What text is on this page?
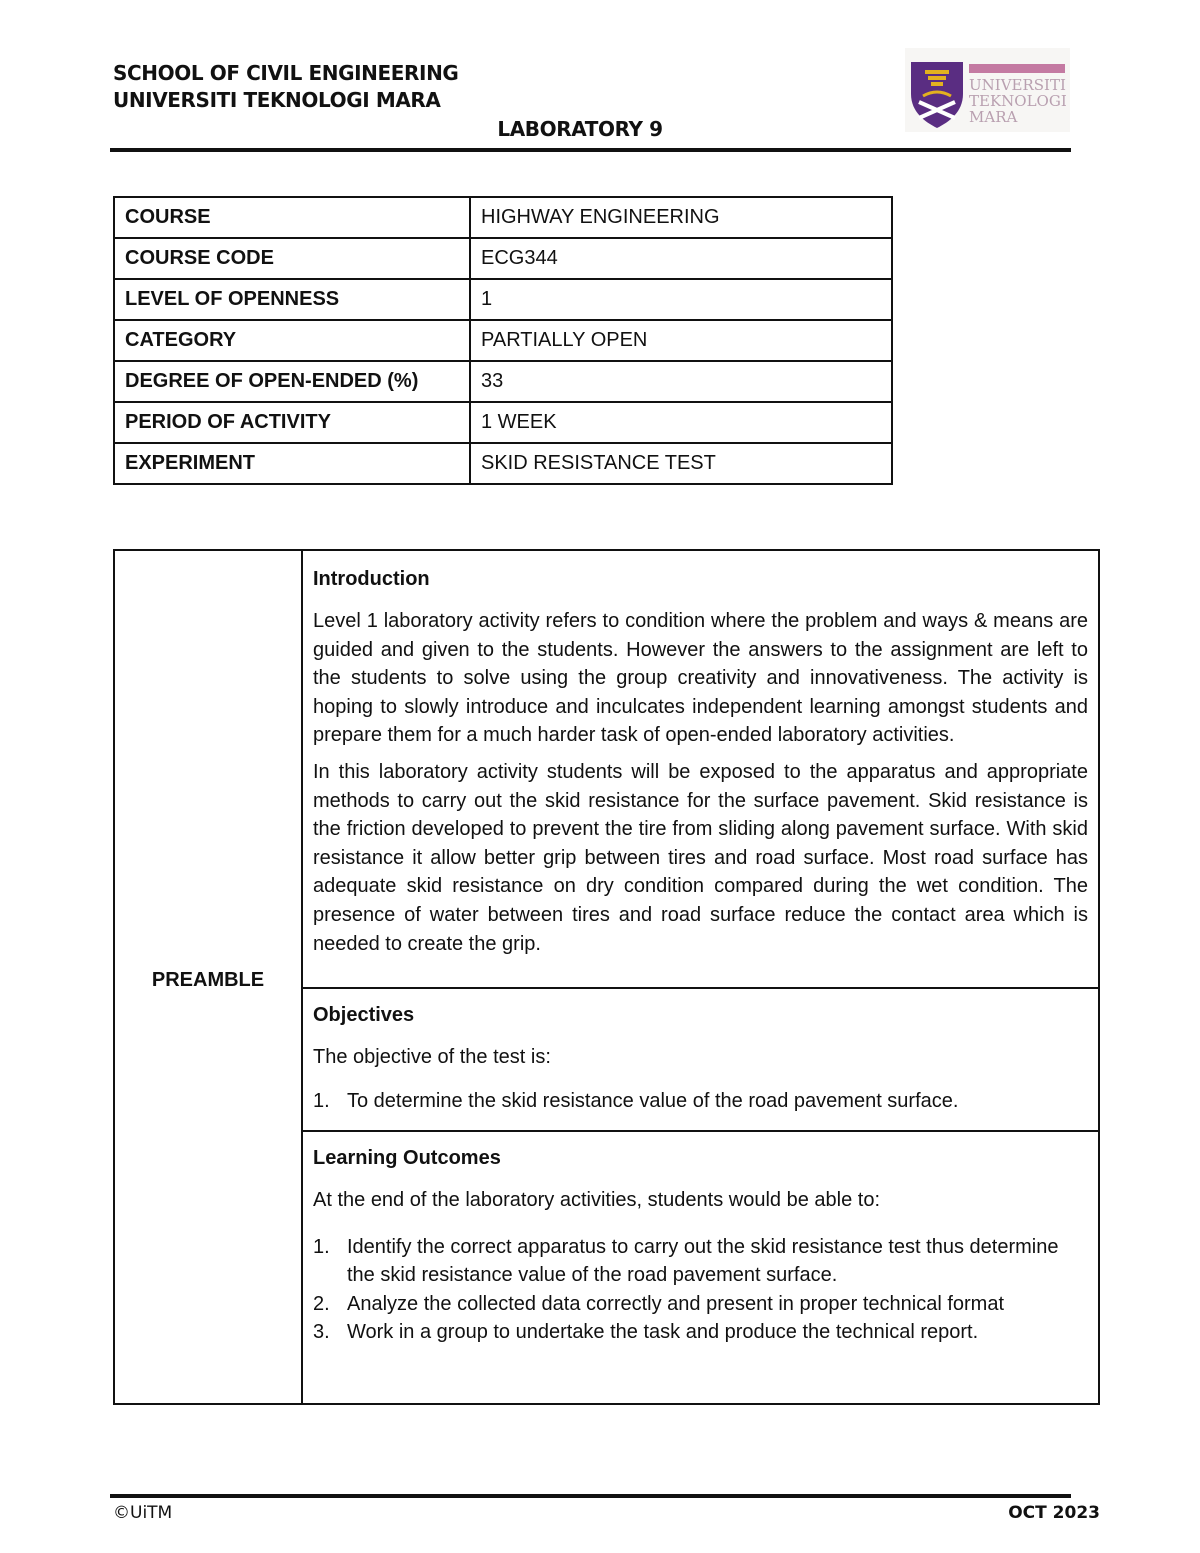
SCHOOL OF CIVIL ENGINEERING
UNIVERSITI TEKNOLOGI MARA
LABORATORY 9
UNIVERSITI
TEKNOLOGI
MARA
COURSE	HIGHWAY ENGINEERING
COURSE CODE	ECG344
LEVEL OF OPENNESS	1
CATEGORY	PARTIALLY OPEN
DEGREE OF OPEN-ENDED (%)	33
PERIOD OF ACTIVITY	1 WEEK
EXPERIMENT	SKID RESISTANCE TEST
PREAMBLE
Introduction

Level 1 laboratory activity refers to condition where the problem and ways & means are guided and given to the students. However the answers to the assignment are left to the students to solve using the group creativity and innovativeness. The activity is hoping to slowly introduce and inculcates independent learning amongst students and prepare them for a much harder task of open-ended laboratory activities.

In this laboratory activity students will be exposed to the apparatus and appropriate methods to carry out the skid resistance for the surface pavement. Skid resistance is the friction developed to prevent the tire from sliding along pavement surface. With skid resistance it allow better grip between tires and road surface. Most road surface has adequate skid resistance on dry condition compared during the wet condition. The presence of water between tires and road surface reduce the contact area which is needed to create the grip.

Objectives

The objective of the test is:

1. To determine the skid resistance value of the road pavement surface.
Learning Outcomes

At the end of the laboratory activities, students would be able to:

1. Identify the correct apparatus to carry out the skid resistance test thus determine the skid resistance value of the road pavement surface.
2. Analyze the collected data correctly and present in proper technical format
3. Work in a group to undertake the task and produce the technical report.
©UiTM	OCT 2023
